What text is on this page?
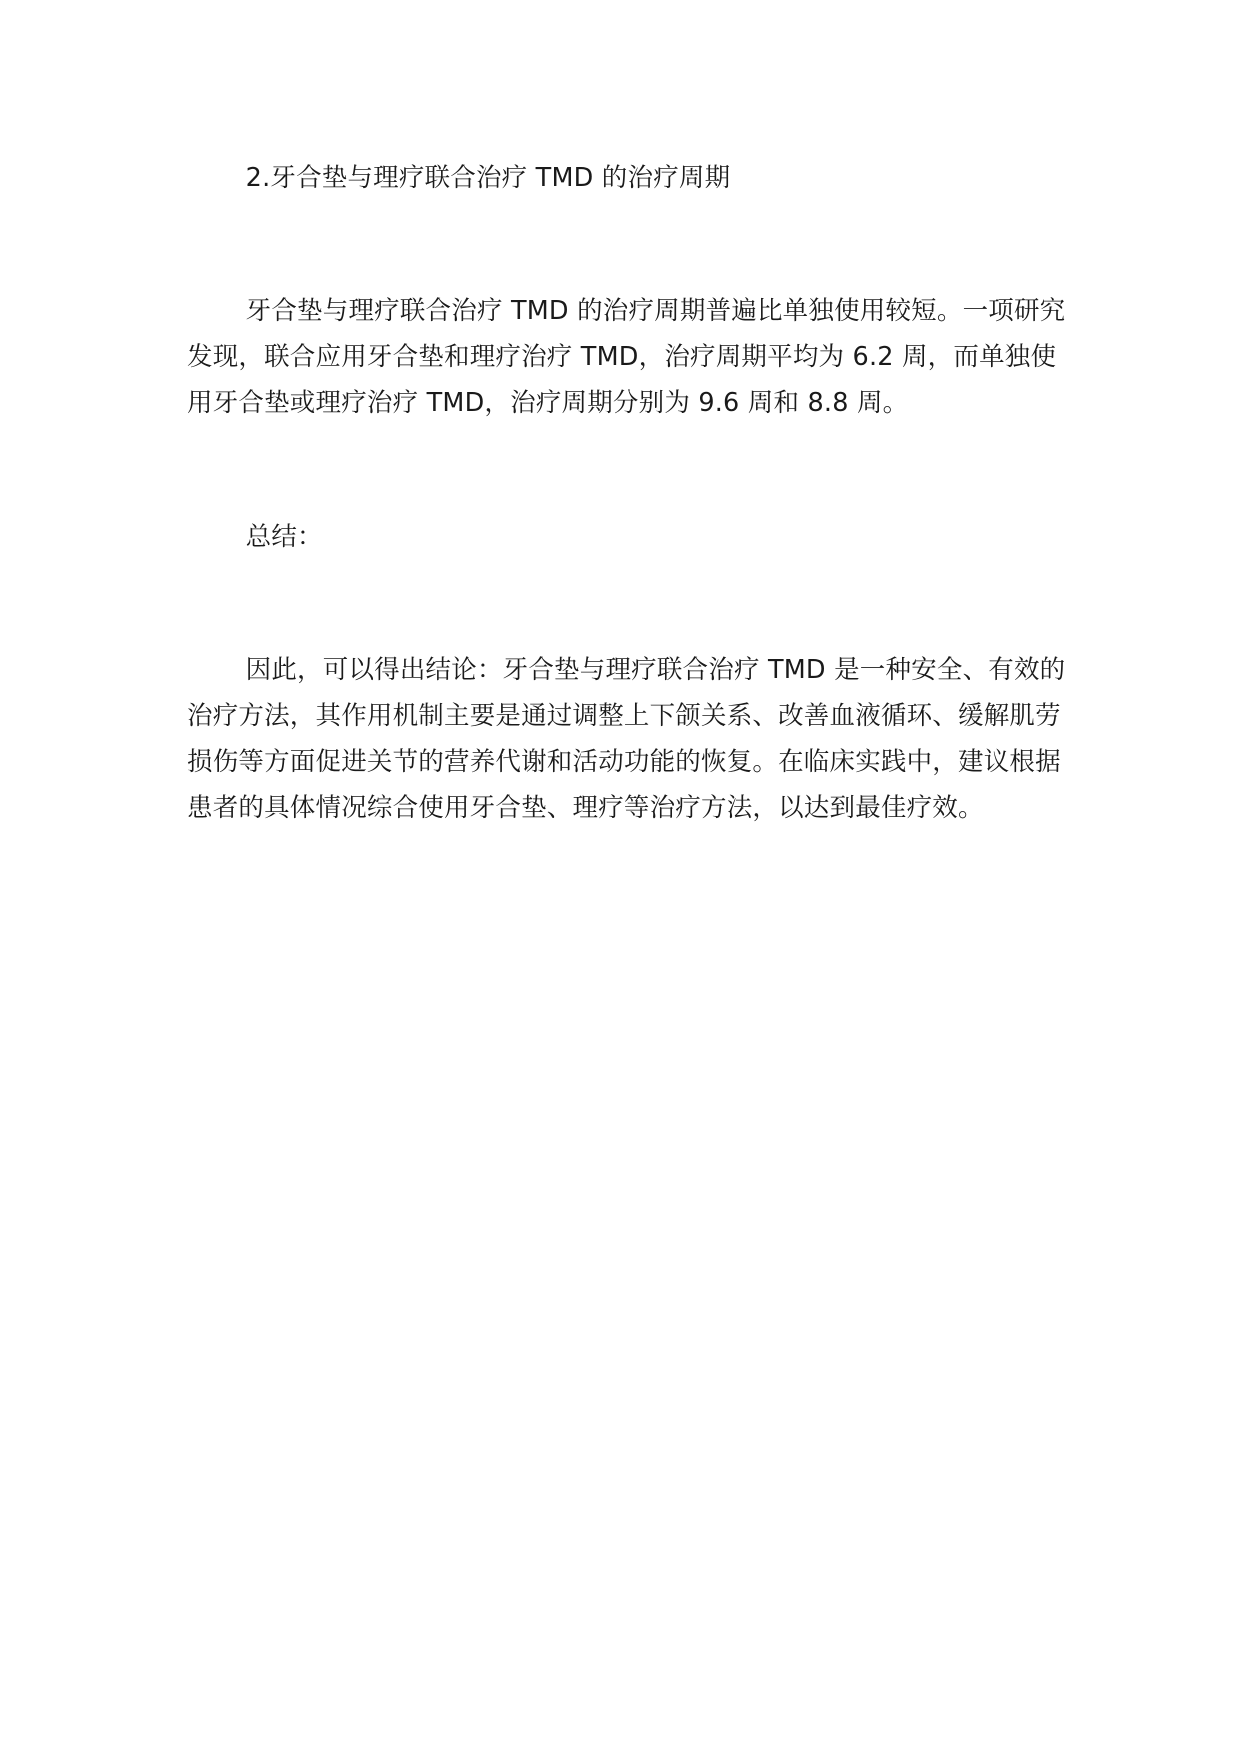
2.牙合垫与理疗联合治疗 TMD 的治疗周期

牙合垫与理疗联合治疗 TMD 的治疗周期普遍比单独使用较短。一项研究发现，联合应用牙合垫和理疗治疗 TMD，治疗周期平均为 6.2 周，而单独使用牙合垫或理疗治疗 TMD，治疗周期分别为 9.6 周和 8.8 周。

总结：

因此，可以得出结论：牙合垫与理疗联合治疗 TMD 是一种安全、有效的治疗方法，其作用机制主要是通过调整上下颌关系、改善血液循环、缓解肌劳损伤等方面促进关节的营养代谢和活动功能的恢复。在临床实践中，建议根据患者的具体情况综合使用牙合垫、理疗等治疗方法，以达到最佳疗效。
